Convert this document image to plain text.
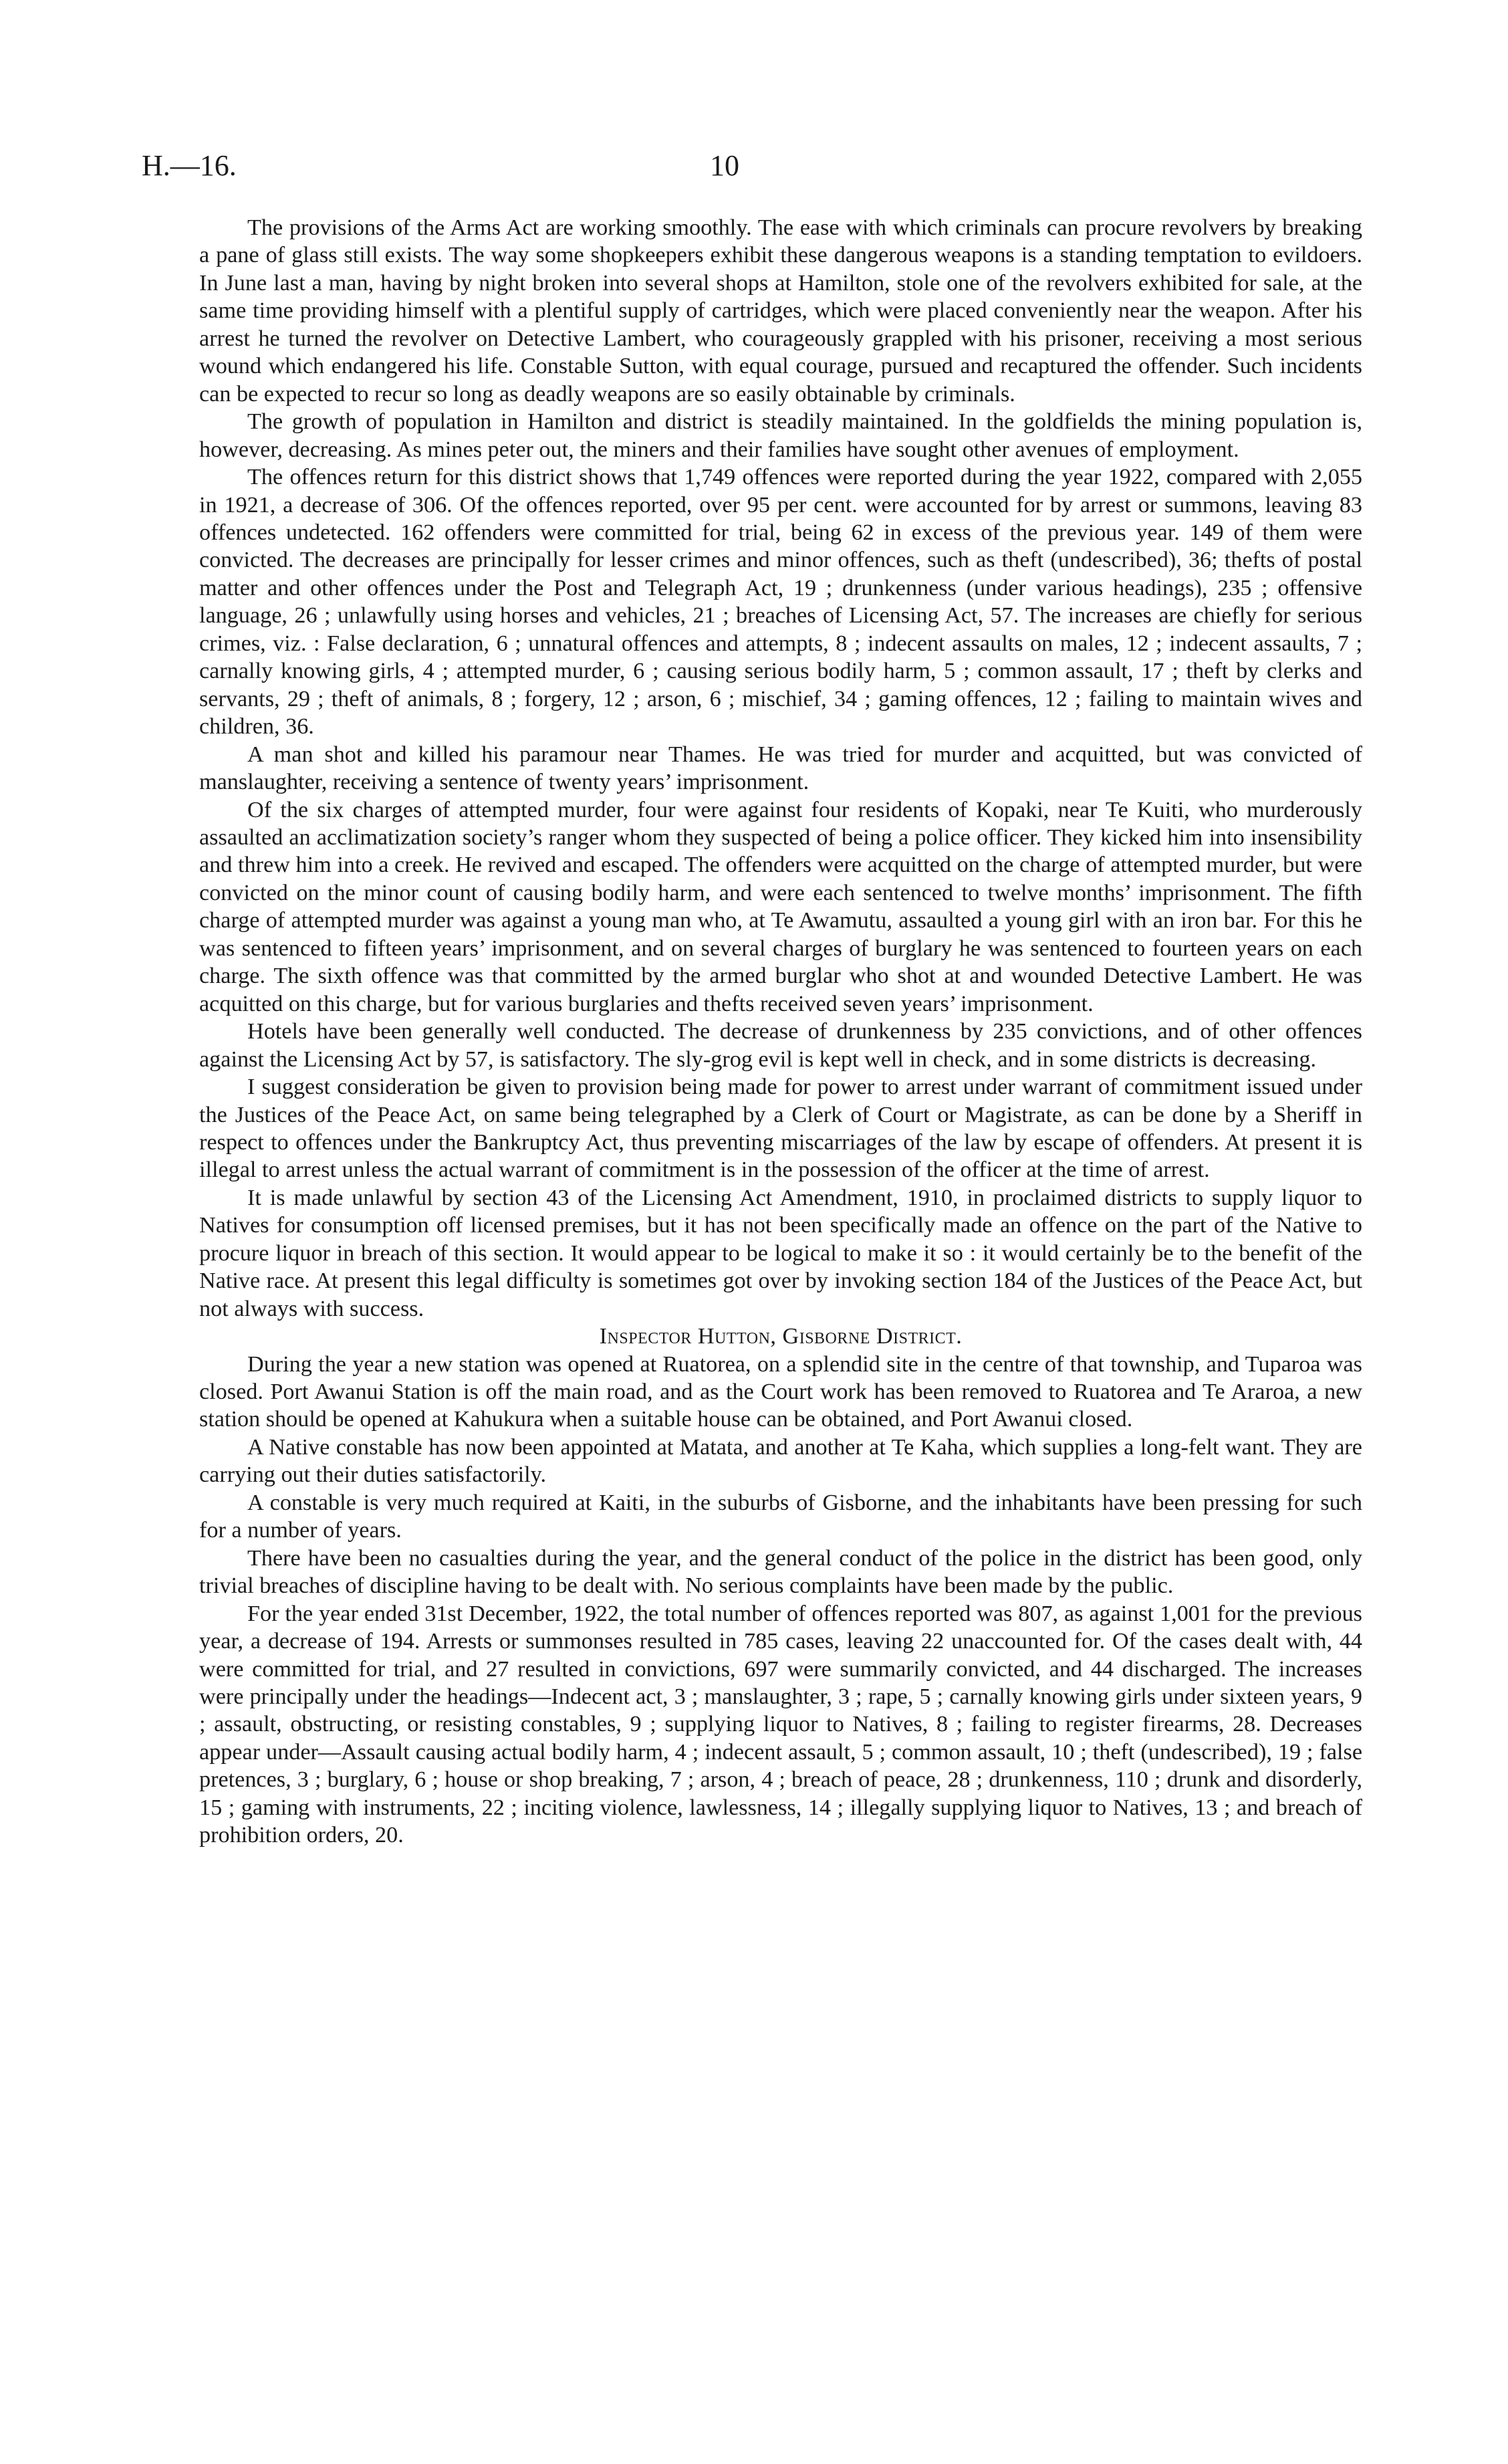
H.—16.	10

The provisions of the Arms Act are working smoothly. The ease with which criminals can procure revolvers by breaking a pane of glass still exists. The way some shopkeepers exhibit these dangerous weapons is a standing temptation to evildoers. In June last a man, having by night broken into several shops at Hamilton, stole one of the revolvers exhibited for sale, at the same time providing himself with a plentiful supply of cartridges, which were placed conveniently near the weapon. After his arrest he turned the revolver on Detective Lambert, who courageously grappled with his prisoner, receiving a most serious wound which endangered his life. Constable Sutton, with equal courage, pursued and recaptured the offender. Such incidents can be expected to recur so long as deadly weapons are so easily obtainable by criminals.

The growth of population in Hamilton and district is steadily maintained. In the goldfields the mining population is, however, decreasing. As mines peter out, the miners and their families have sought other avenues of employment.

The offences return for this district shows that 1,749 offences were reported during the year 1922, compared with 2,055 in 1921, a decrease of 306. Of the offences reported, over 95 per cent. were accounted for by arrest or summons, leaving 83 offences undetected. 162 offenders were committed for trial, being 62 in excess of the previous year. 149 of them were convicted. The decreases are principally for lesser crimes and minor offences, such as theft (undescribed), 36; thefts of postal matter and other offences under the Post and Telegraph Act, 19 ; drunkenness (under various headings), 235 ; offensive language, 26 ; unlawfully using horses and vehicles, 21 ; breaches of Licensing Act, 57. The increases are chiefly for serious crimes, viz. : False declaration, 6 ; unnatural offences and attempts, 8 ; indecent assaults on males, 12 ; indecent assaults, 7 ; carnally knowing girls, 4 ; attempted murder, 6 ; causing serious bodily harm, 5 ; common assault, 17 ; theft by clerks and servants, 29 ; theft of animals, 8 ; forgery, 12 ; arson, 6 ; mischief, 34 ; gaming offences, 12 ; failing to maintain wives and children, 36.

A man shot and killed his paramour near Thames. He was tried for murder and acquitted, but was convicted of manslaughter, receiving a sentence of twenty years’ imprisonment.

Of the six charges of attempted murder, four were against four residents of Kopaki, near Te Kuiti, who murderously assaulted an acclimatization society’s ranger whom they suspected of being a police officer. They kicked him into insensibility and threw him into a creek. He revived and escaped. The offenders were acquitted on the charge of attempted murder, but were convicted on the minor count of causing bodily harm, and were each sentenced to twelve months’ imprisonment. The fifth charge of attempted murder was against a young man who, at Te Awamutu, assaulted a young girl with an iron bar. For this he was sentenced to fifteen years’ imprisonment, and on several charges of burglary he was sentenced to fourteen years on each charge. The sixth offence was that committed by the armed burglar who shot at and wounded Detective Lambert. He was acquitted on this charge, but for various burglaries and thefts received seven years’ imprisonment.

Hotels have been generally well conducted. The decrease of drunkenness by 235 convictions, and of other offences against the Licensing Act by 57, is satisfactory. The sly-grog evil is kept well in check, and in some districts is decreasing.

I suggest consideration be given to provision being made for power to arrest under warrant of commitment issued under the Justices of the Peace Act, on same being telegraphed by a Clerk of Court or Magistrate, as can be done by a Sheriff in respect to offences under the Bankruptcy Act, thus preventing miscarriages of the law by escape of offenders. At present it is illegal to arrest unless the actual warrant of commitment is in the possession of the officer at the time of arrest.

It is made unlawful by section 43 of the Licensing Act Amendment, 1910, in proclaimed districts to supply liquor to Natives for consumption off licensed premises, but it has not been specifically made an offence on the part of the Native to procure liquor in breach of this section. It would appear to be logical to make it so : it would certainly be to the benefit of the Native race. At present this legal difficulty is sometimes got over by invoking section 184 of the Justices of the Peace Act, but not always with success.

Inspector Hutton, Gisborne District.

During the year a new station was opened at Ruatorea, on a splendid site in the centre of that township, and Tuparoa was closed. Port Awanui Station is off the main road, and as the Court work has been removed to Ruatorea and Te Araroa, a new station should be opened at Kahukura when a suitable house can be obtained, and Port Awanui closed.

A Native constable has now been appointed at Matata, and another at Te Kaha, which supplies a long-felt want. They are carrying out their duties satisfactorily.

A constable is very much required at Kaiti, in the suburbs of Gisborne, and the inhabitants have been pressing for such for a number of years.

There have been no casualties during the year, and the general conduct of the police in the district has been good, only trivial breaches of discipline having to be dealt with. No serious complaints have been made by the public.

For the year ended 31st December, 1922, the total number of offences reported was 807, as against 1,001 for the previous year, a decrease of 194. Arrests or summonses resulted in 785 cases, leaving 22 unaccounted for. Of the cases dealt with, 44 were committed for trial, and 27 resulted in convictions, 697 were summarily convicted, and 44 discharged. The increases were principally under the headings—Indecent act, 3 ; manslaughter, 3 ; rape, 5 ; carnally knowing girls under sixteen years, 9 ; assault, obstructing, or resisting constables, 9 ; supplying liquor to Natives, 8 ; failing to register firearms, 28. Decreases appear under—Assault causing actual bodily harm, 4 ; indecent assault, 5 ; common assault, 10 ; theft (undescribed), 19 ; false pretences, 3 ; burglary, 6 ; house or shop breaking, 7 ; arson, 4 ; breach of peace, 28 ; drunkenness, 110 ; drunk and disorderly, 15 ; gaming with instruments, 22 ; inciting violence, lawlessness, 14 ; illegally supplying liquor to Natives, 13 ; and breach of prohibition orders, 20.
